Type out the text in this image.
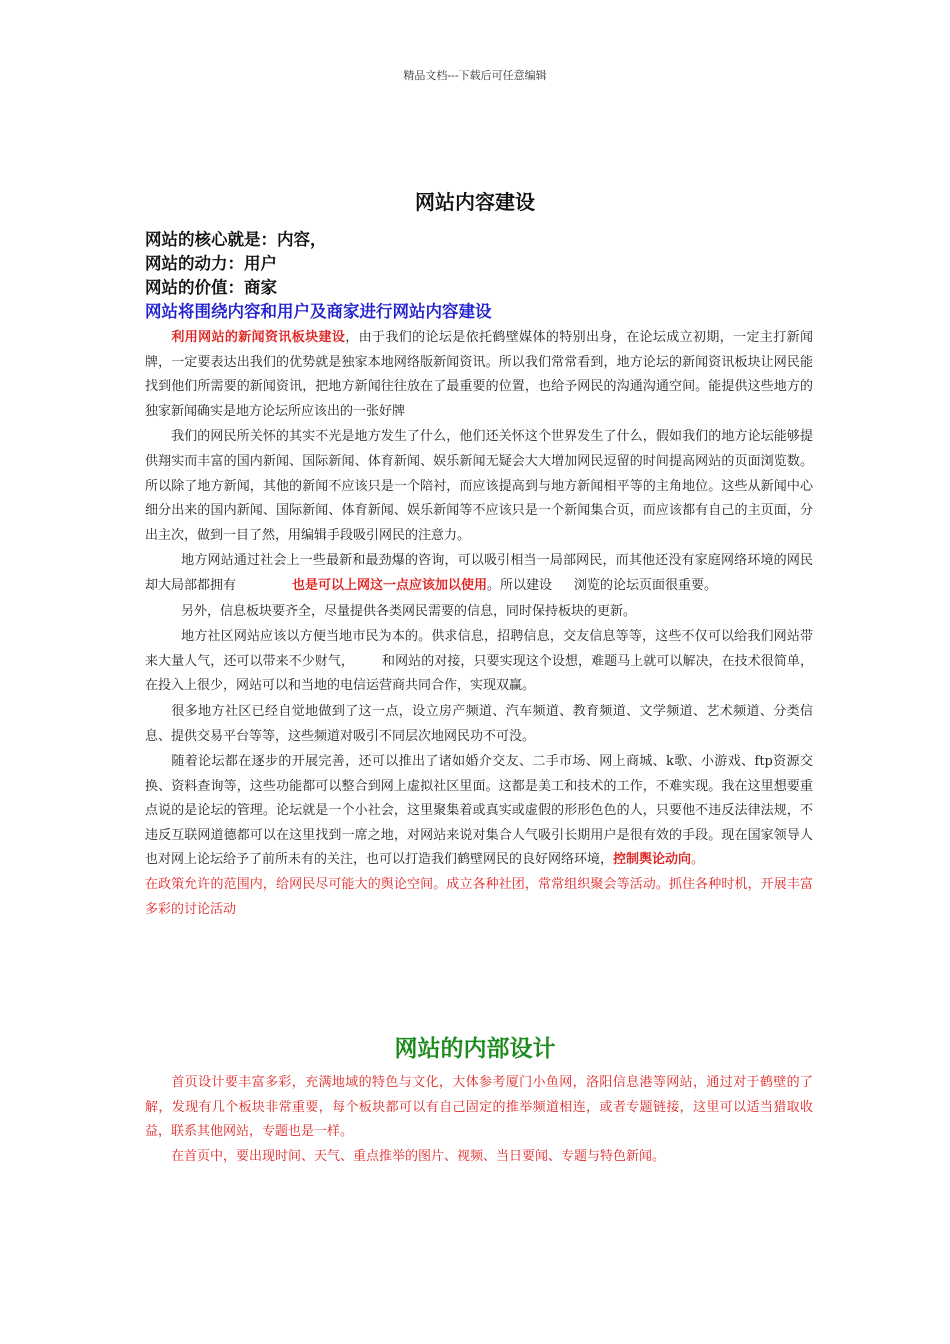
精品文档---下载后可任意编辑
网站内容建设
网站的核心就是：内容，
网站的动力：用户
网站的价值：商家
网站将围绕内容和用户及商家进行网站内容建设

利用网站的新闻资讯板块建设，由于我们的论坛是依托鹤壁媒体的特别出身，在论坛成立初期，一定主打新闻牌，一定要表达出我们的优势就是独家本地网络版新闻资讯。所以我们常常看到，地方论坛的新闻资讯板块让网民能找到他们所需要的新闻资讯，把地方新闻往往放在了最重要的位置，也给予网民的沟通沟通空间。能提供这些地方的独家新闻确实是地方论坛所应该出的一张好牌

我们的网民所关怀的其实不光是地方发生了什么，他们还关怀这个世界发生了什么，假如我们的地方论坛能够提供翔实而丰富的国内新闻、国际新闻、体育新闻、娱乐新闻无疑会大大增加网民逗留的时间提高网站的页面浏览数。所以除了地方新闻，其他的新闻不应该只是一个陪衬，而应该提高到与地方新闻相平等的主角地位。这些从新闻中心细分出来的国内新闻、国际新闻、体育新闻、娱乐新闻等不应该只是一个新闻集合页，而应该都有自己的主页面，分出主次，做到一目了然，用编辑手段吸引网民的注意力。

地方网站通过社会上一些最新和最劲爆的咨询，可以吸引相当一局部网民，而其他还没有家庭网络环境的网民却大局部都拥有	也是可以上网这一点应该加以使用。所以建设 浏览的论坛页面很重要。

另外，信息板块要齐全，尽量提供各类网民需要的信息，同时保持板块的更新。

地方社区网站应该以方便当地市民为本的。供求信息，招聘信息，交友信息等等，这些不仅可以给我们网站带来大量人气，还可以带来不少财气， 和网站的对接，只要实现这个设想，难题马上就可以解决，在技术很简单，在投入上很少，网站可以和当地的电信运营商共同合作，实现双赢。

很多地方社区已经自觉地做到了这一点，设立房产频道、汽车频道、教育频道、文学频道、艺术频道、分类信息、提供交易平台等等，这些频道对吸引不同层次地网民功不可没。

随着论坛都在逐步的开展完善，还可以推出了诸如婚介交友、二手市场、网上商城、k歌、小游戏、ftp资源交换、资料查询等，这些功能都可以整合到网上虚拟社区里面。这都是美工和技术的工作，不难实现。我在这里想要重点说的是论坛的管理。论坛就是一个小社会，这里聚集着或真实或虚假的形形色色的人，只要他不违反法律法规，不违反互联网道德都可以在这里找到一席之地，对网站来说对集合人气吸引长期用户是很有效的手段。现在国家领导人也对网上论坛给予了前所未有的关注，也可以打造我们鹤壁网民的良好网络环境，控制舆论动向。

在政策允许的范围内，给网民尽可能大的舆论空间。成立各种社团，常常组织聚会等活动。抓住各种时机，开展丰富多彩的讨论活动

网站的内部设计

首页设计要丰富多彩，充满地域的特色与文化，大体参考厦门小鱼网，洛阳信息港等网站，通过对于鹤壁的了解，发现有几个板块非常重要，每个板块都可以有自己固定的推举频道相连，或者专题链接，这里可以适当猎取收益，联系其他网站，专题也是一样。

在首页中，要出现时间、天气、重点推举的图片、视频、当日要闻、专题与特色新闻。
